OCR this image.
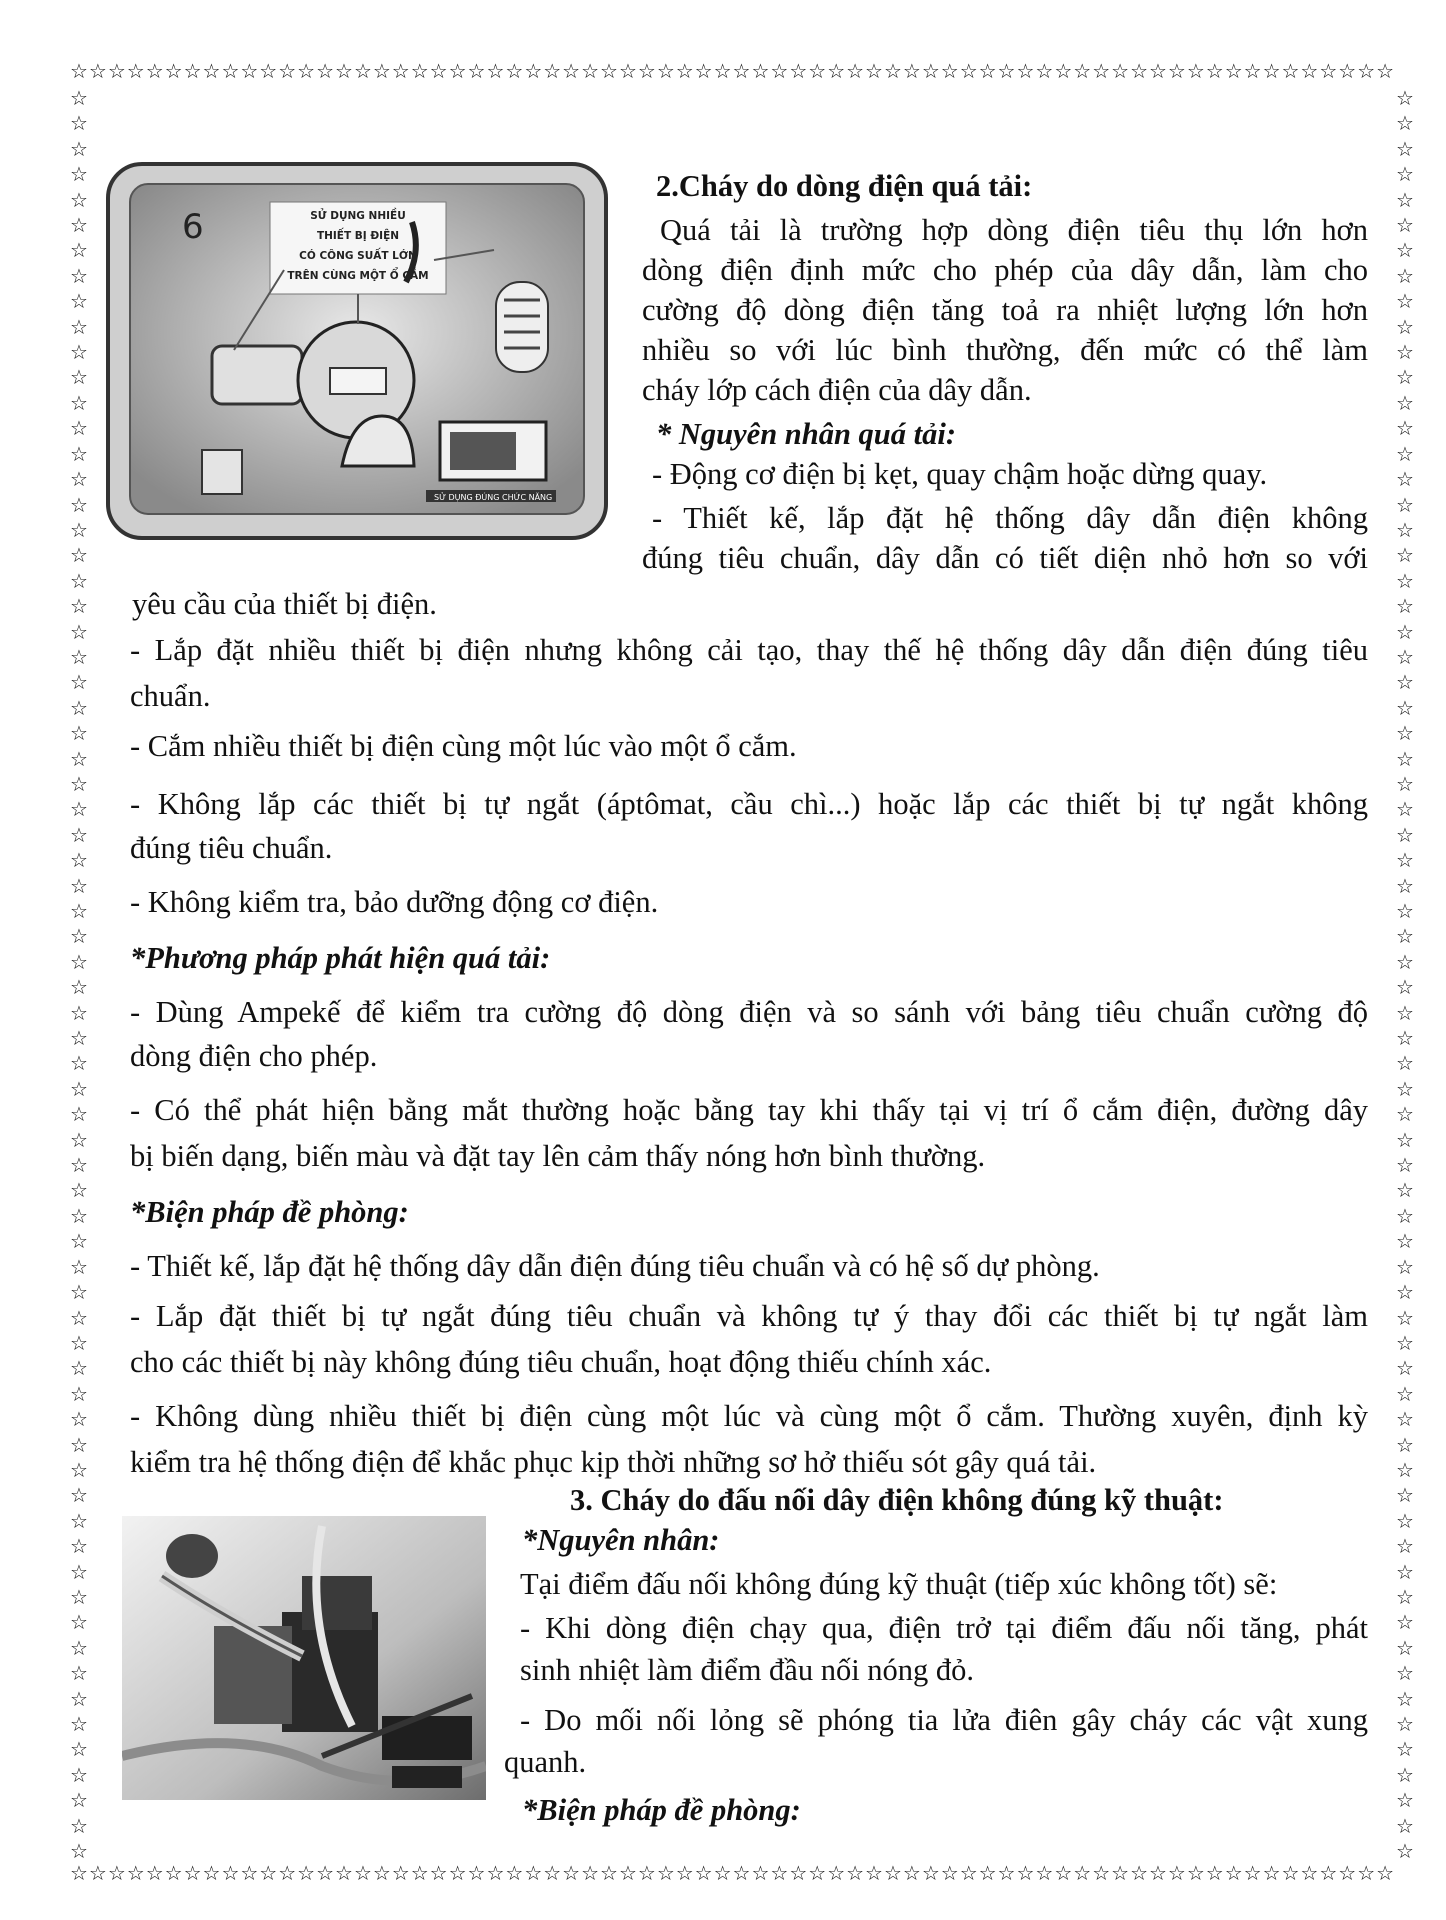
☆☆☆☆☆☆☆☆☆☆☆☆☆☆☆☆☆☆☆☆☆☆☆☆☆☆☆☆☆☆☆☆☆☆☆☆☆☆☆☆☆☆☆☆☆☆☆☆☆☆☆☆☆☆☆☆☆☆☆☆☆☆☆☆☆☆☆☆☆☆
☆☆☆☆☆☆☆☆☆☆☆☆☆☆☆☆☆☆☆☆☆☆☆☆☆☆☆☆☆☆☆☆☆☆☆☆☆☆☆☆☆☆☆☆☆☆☆☆☆☆☆☆☆☆☆☆☆☆☆☆☆☆☆☆☆☆☆☆☆☆
☆
☆
☆
☆
☆
☆
☆
☆
☆
☆
☆
☆
☆
☆
☆
☆
☆
☆
☆
☆
☆
☆
☆
☆
☆
☆
☆
☆
☆
☆
☆
☆
☆
☆
☆
☆
☆
☆
☆
☆
☆
☆
☆
☆
☆
☆
☆
☆
☆
☆
☆
☆
☆
☆
☆
☆
☆
☆
☆
☆
☆
☆
☆
☆
☆
☆
☆
☆
☆
☆

☆
☆
☆
☆
☆
☆
☆
☆
☆
☆
☆
☆
☆
☆
☆
☆
☆
☆
☆
☆
☆
☆
☆
☆
☆
☆
☆
☆
☆
☆
☆
☆
☆
☆
☆
☆
☆
☆
☆
☆
☆
☆
☆
☆
☆
☆
☆
☆
☆
☆
☆
☆
☆
☆
☆
☆
☆
☆
☆
☆
☆
☆
☆
☆
☆
☆
☆
☆
☆
☆

6
SỬ DỤNG ĐÚNG CHỨC NĂNG
SỬ DỤNG NHIỀU
THIẾT BỊ ĐIỆN
CÓ CÔNG SUẤT LỚN
TRÊN CÙNG MỘT Ổ CẮM
2.Cháy do dòng điện quá tải:
Quá tải là trường hợp dòng điện tiêu thụ lớn hơn
dòng điện định mức cho phép của dây dẫn, làm cho
cường độ dòng điện tăng toả ra nhiệt lượng lớn hơn
nhiều so với lúc bình thường, đến mức có thể làm
cháy lớp cách điện của dây dẫn.
* Nguyên nhân quá tải:
- Động cơ điện bị kẹt, quay chậm hoặc dừng quay.
- Thiết kế, lắp đặt hệ thống dây dẫn điện không
đúng tiêu chuẩn, dây dẫn có tiết diện nhỏ hơn so với
yêu cầu của thiết bị điện.
- Lắp đặt nhiều thiết bị điện nhưng không cải tạo, thay thế hệ thống dây dẫn điện đúng tiêu
chuẩn.
- Cắm nhiều thiết bị điện cùng một lúc vào một ổ cắm.
- Không lắp các thiết bị tự ngắt (áptômat, cầu chì...) hoặc lắp các thiết bị tự ngắt không
đúng tiêu chuẩn.
- Không kiểm tra, bảo dưỡng động cơ điện.
*Phương pháp phát hiện quá tải:
- Dùng Ampekế để kiểm tra cường độ dòng điện và so sánh với bảng tiêu chuẩn cường độ
dòng điện cho phép.
- Có thể phát hiện bằng mắt thường hoặc bằng tay khi thấy tại vị trí ổ cắm điện, đường dây
bị biến dạng, biến màu và đặt tay lên cảm thấy nóng hơn bình thường.
*Biện pháp đề phòng:
- Thiết kế, lắp đặt hệ thống dây dẫn điện đúng tiêu chuẩn và có hệ số dự phòng.
- Lắp đặt thiết bị tự ngắt đúng tiêu chuẩn và không tự ý thay đổi các thiết bị tự ngắt làm
cho các thiết bị này không đúng tiêu chuẩn, hoạt động thiếu chính xác.
- Không dùng nhiều thiết bị điện cùng một lúc và cùng một ổ cắm. Thường xuyên, định kỳ
kiểm tra hệ thống điện để khắc phục kịp thời những sơ hở thiếu sót gây quá tải.
3. Cháy do đấu nối dây điện không đúng kỹ thuật:
*Nguyên nhân:
Tại điểm đấu nối không đúng kỹ thuật (tiếp xúc không tốt) sẽ:
- Khi dòng điện chạy qua, điện trở tại điểm đấu nối tăng, phát
sinh nhiệt làm điểm đầu nối nóng đỏ.
- Do mối nối lỏng sẽ phóng tia lửa điên gây cháy các vật xung
quanh.
*Biện pháp đề phòng:
